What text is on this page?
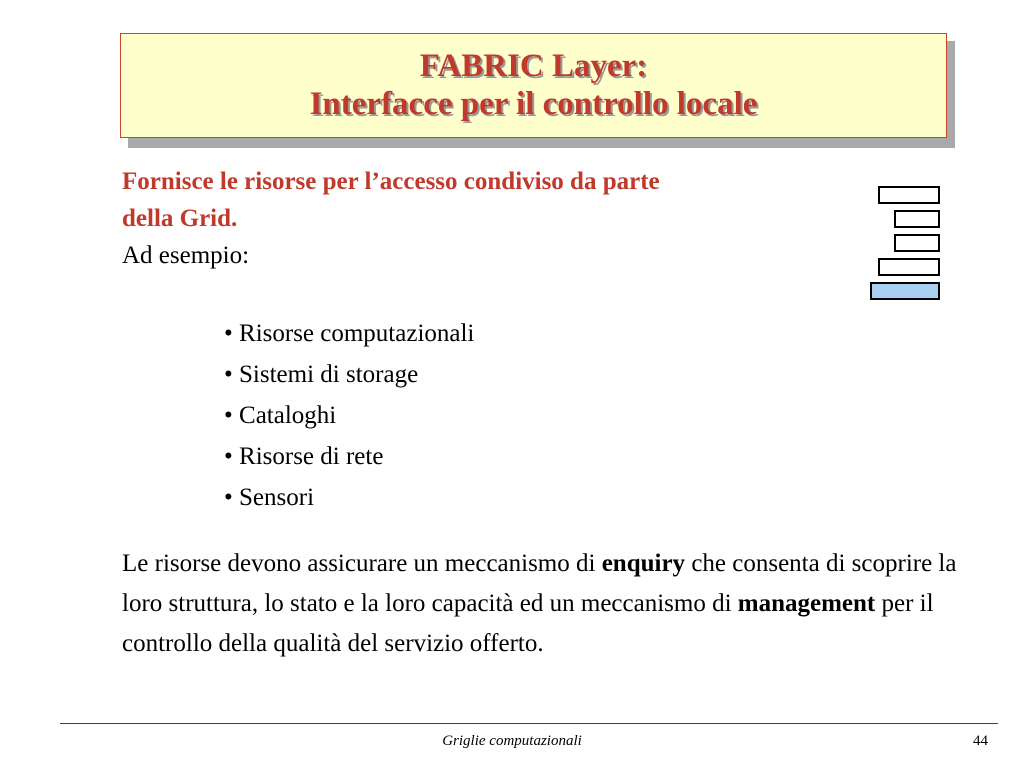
FABRIC Layer:
Interfacce per il controllo locale
Fornisce le risorse per l’accesso condiviso da parte
della Grid.
Ad esempio:
• Risorse computazionali
• Sistemi di storage
• Cataloghi
• Risorse di rete
• Sensori
Le risorse devono assicurare un meccanismo di enquiry che consenta di scoprire la loro struttura, lo stato e la loro capacità ed un meccanismo di management per il controllo della qualità del servizio offerto.
Griglie computazionali	44
